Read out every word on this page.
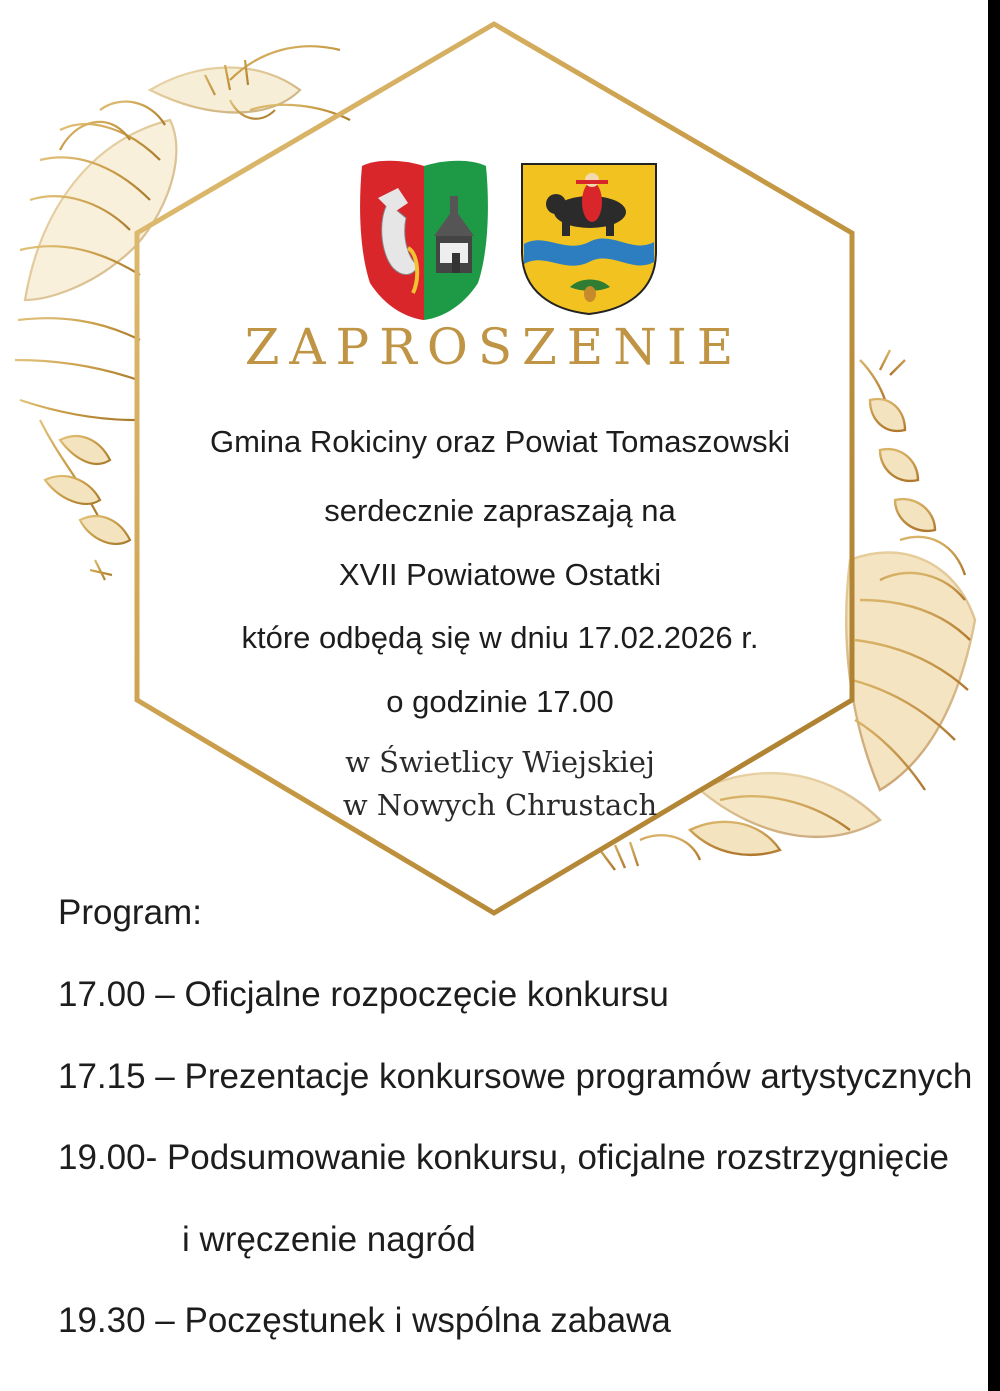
ZAPROSZENIE

Gmina Rokiciny oraz Powiat Tomaszowski

serdecznie zapraszają na

XVII Powiatowe Ostatki

które odbędą się w dniu 17.02.2026 r.

o godzinie 17.00

w Świetlicy Wiejskiej

w Nowych Chrustach

Program:

17.00 – Oficjalne rozpoczęcie konkursu

17.15 – Prezentacje konkursowe programów artystycznych

19.00- Podsumowanie konkursu, oficjalne rozstrzygnięcie

i wręczenie nagród

19.30 – Poczęstunek i wspólna zabawa
